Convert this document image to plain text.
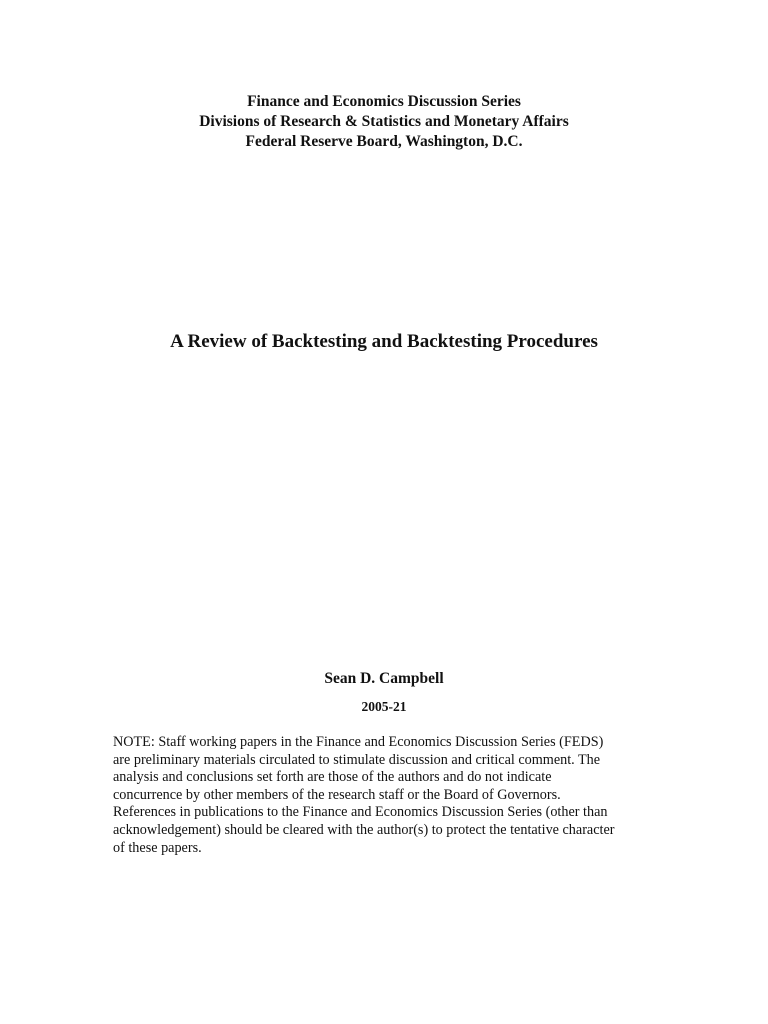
Finance and Economics Discussion Series
Divisions of Research & Statistics and Monetary Affairs
Federal Reserve Board, Washington, D.C.
A Review of Backtesting and Backtesting Procedures
Sean D. Campbell
2005-21
NOTE: Staff working papers in the Finance and Economics Discussion Series (FEDS)
are preliminary materials circulated to stimulate discussion and critical comment. The
analysis and conclusions set forth are those of the authors and do not indicate
concurrence by other members of the research staff or the Board of Governors.
References in publications to the Finance and Economics Discussion Series (other than
acknowledgement) should be cleared with the author(s) to protect the tentative character
of these papers.
